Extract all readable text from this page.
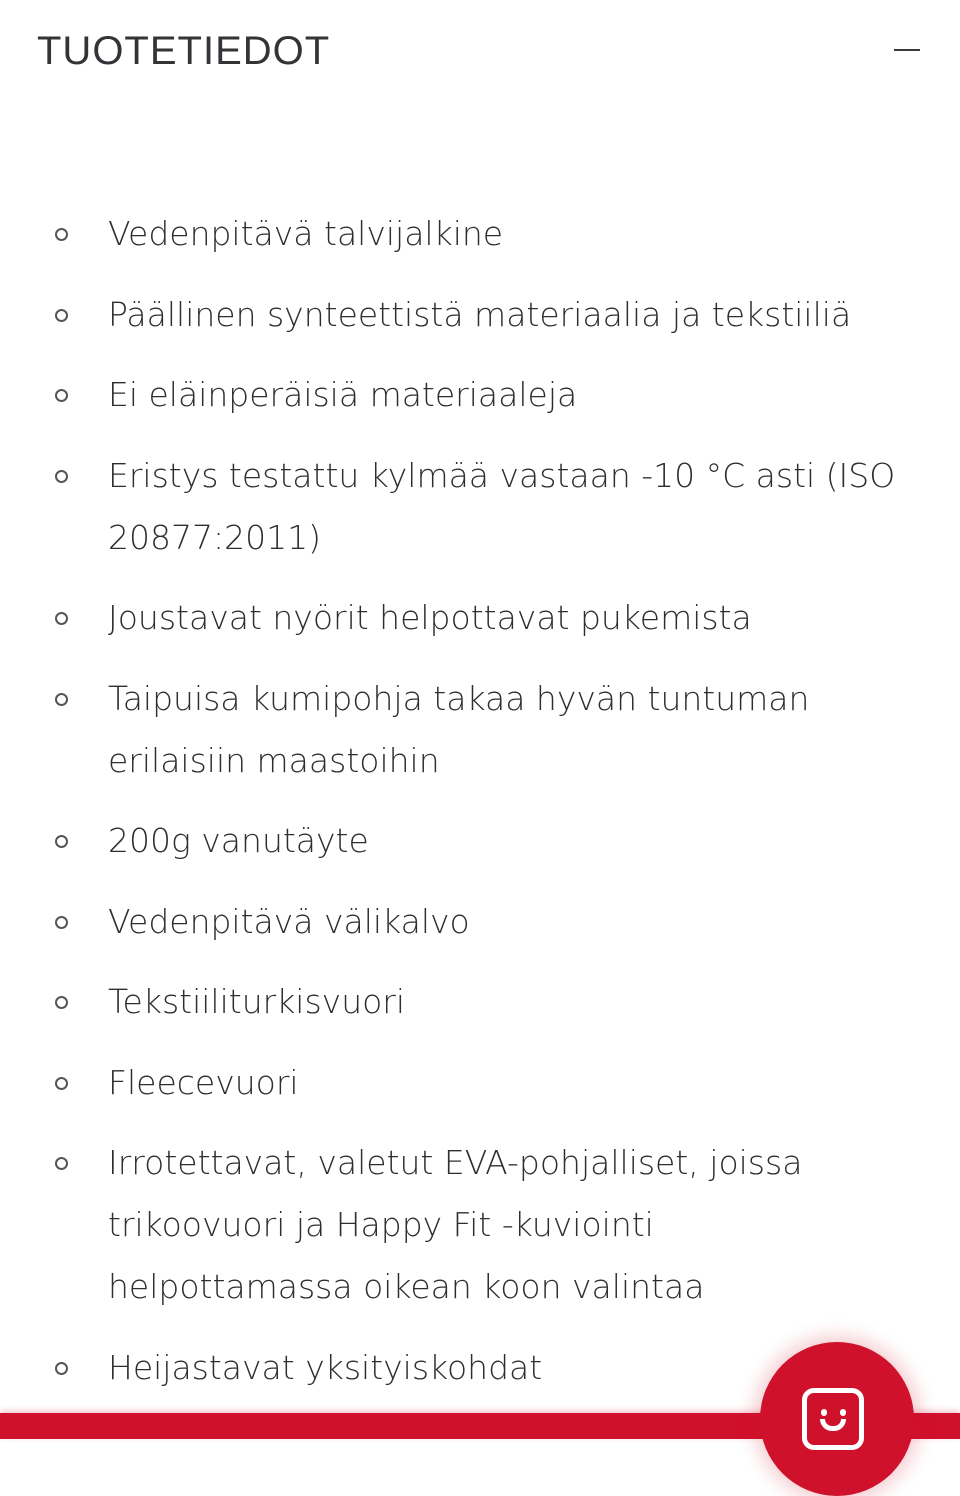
TUOTETIEDOT
Vedenpitävä talvijalkine
Päällinen synteettistä materiaalia ja tekstiiliä
Ei eläinperäisiä materiaaleja
Eristys testattu kylmää vastaan -10 °C asti (ISO 20877:2011)
Joustavat nyörit helpottavat pukemista
Taipuisa kumipohja takaa hyvän tuntuman erilaisiin maastoihin
200g vanutäyte
Vedenpitävä välikalvo
Tekstiiliturkisvuori
Fleecevuori
Irrotettavat, valetut EVA-pohjalliset, joissa trikoovuori ja Happy Fit -kuviointi helpottamassa oikean koon valintaa
Heijastavat yksityiskohdat
